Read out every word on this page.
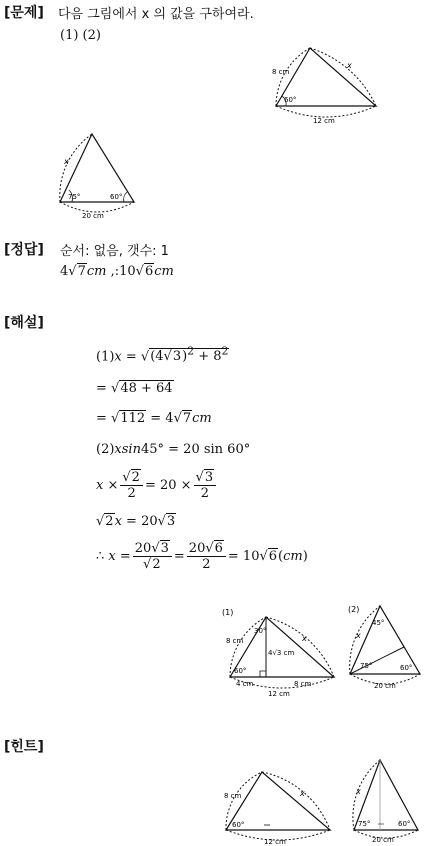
[문제] 다음 그림에서 x 의 값을 구하여라.
(1) (2)
8 cm
x
60°
12 cm
x
75°	60°
20 cm
[정답] 순서: 없음, 갯수: 1
4√7cm ,:10√6cm
[해설]
$(1)x = √(4√3)^2 + 8^2$
= √48 + 64
= √112 = 4√7cm
(2)xsin45° = 20 sin 60°
$x \times \frac{√2}{2} = 20 \times \frac{√3}{2}$
√2x = 20√3
∴ $x = \frac{20√3}{√2} = \frac{20√6}{2} = 10√6(cm)$
(1)
8 cm
30°
4√3 cm
x
60°
4 cm	8 cm
12 cm
(2)
45°
x
75°	60°
20 cm
[힌트]
8 cm	x
60°
12 cm
x
75°	60°
20 cm
